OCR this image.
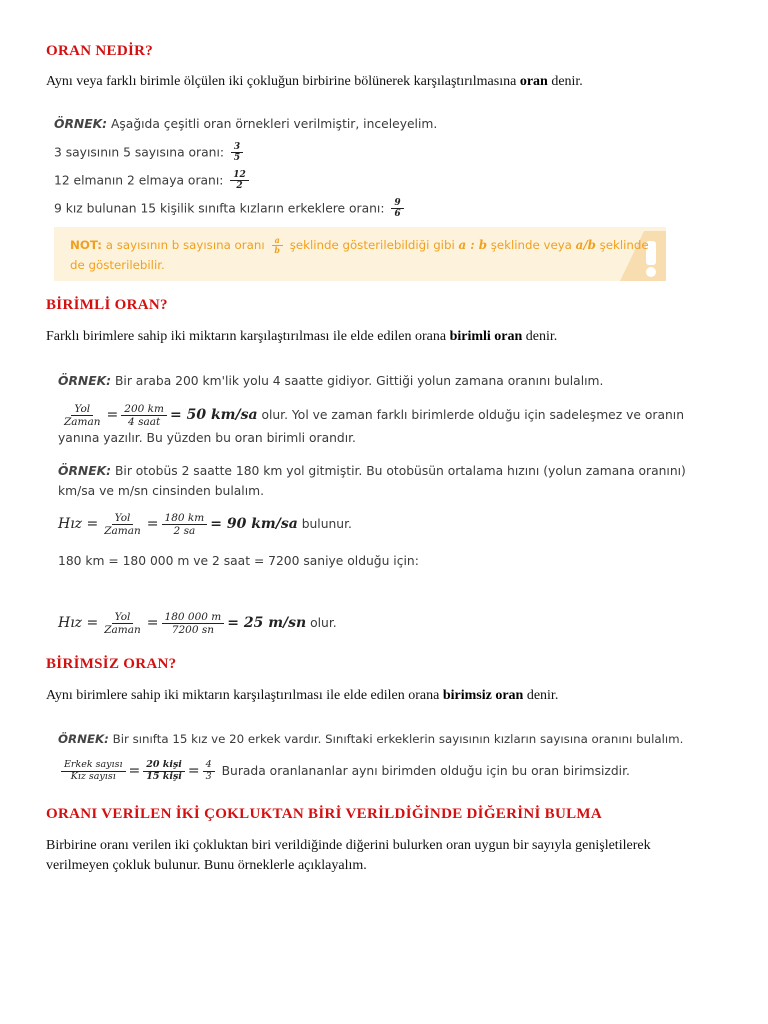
ORAN NEDİR?
Aynı veya farklı birimle ölçülen iki çokluğun birbirine bölünerek karşılaştırılmasına oran denir.
ÖRNEK: Aşağıda çeşitli oran örnekleri verilmiştir, inceleyelim.
3 sayısının 5 sayısına oranı: $\frac{3}{5}$
12 elmanın 2 elmaya oranı: $\frac{12}{2}$
9 kız bulunan 15 kişilik sınıfta kızların erkeklere oranı: $\frac{9}{6}$
NOT: a sayısının b sayısına oranı $\frac{a}{b}$ şeklinde gösterilebildiği gibi a : b şeklinde veya a/b şeklinde
de gösterilebilir.
BİRİMLİ ORAN?
Farklı birimlere sahip iki miktarın karşılaştırılması ile elde edilen orana birimli oran denir.
ÖRNEK: Bir araba 200 km'lik yolu 4 saatte gidiyor. Gittiği yolun zamana oranını bulalım.
$\frac{\text{Yol}}{\text{Zaman}} = \frac{200 km}{\text{4 saat}} = 50$ km/sa olur. Yol ve zaman farklı birimlerde olduğu için sadeleşmez ve oranın
yanına yazılır. Bu yüzden bu oran birimli orandır.
ÖRNEK: Bir otobüs 2 saatte 180 km yol gitmiştir. Bu otobüsün ortalama hızını (yolun zamana oranını)
km/sa ve m/sn cinsinden bulalım.
Hız = $\frac{\text{Yol}}{\text{Zaman}} = \frac{180 km}{2 sa} = 90$ km/sa bulunur.
180 km = 180 000 m ve 2 saat = 7200 saniye olduğu için:
Hız = $\frac{\text{Yol}}{\text{Zaman}} = \frac{180 000 m}{7200 sn} = 25$ m/sn olur.
BİRİMSİZ ORAN?
Aynı birimlere sahip iki miktarın karşılaştırılması ile elde edilen orana birimsiz oran denir.
ÖRNEK: Bir sınıfta 15 kız ve 20 erkek vardır. Sınıftaki erkeklerin sayısının kızların sayısına oranını bulalım.
$\frac{\text{Erkek sayısı}}{\text{Kız sayısı}} = \frac{\text{20 kişi}}{\text{15 kişi}} = \frac{4}{3}$ Burada oranlananlar aynı birimden olduğu için bu oran birimsizdir.
ORANI VERİLEN İKİ ÇOKLUKTAN BİRİ VERİLDİĞİNDE DİĞERİNİ BULMA
Birbirine oranı verilen iki çokluktan biri verildiğinde diğerini bulurken oran uygun bir sayıyla genişletilerek
verilmeyen çokluk bulunur. Bunu örneklerle açıklayalım.
